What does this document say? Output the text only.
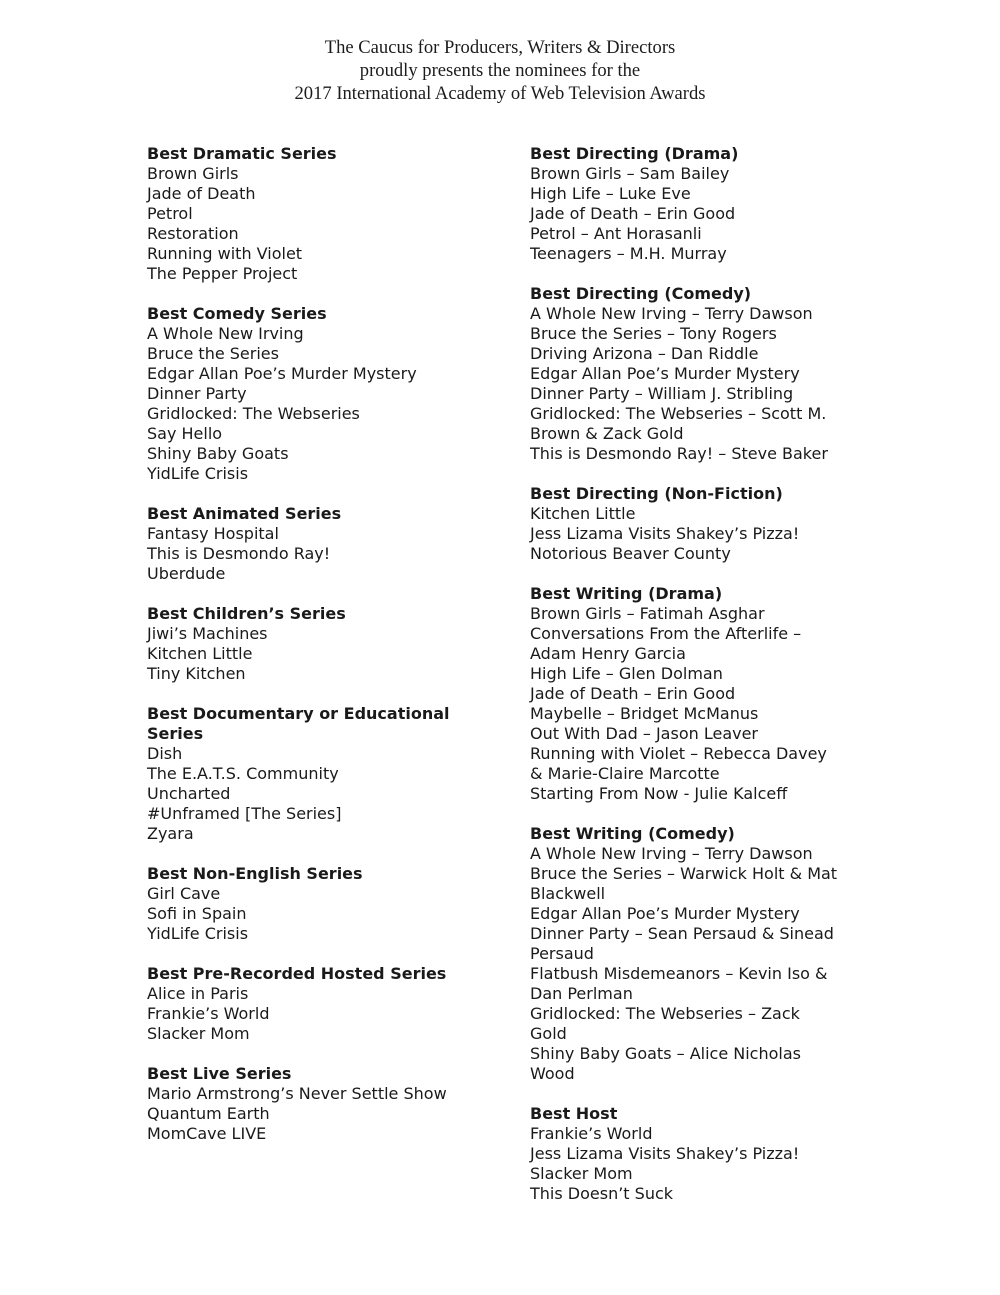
The Caucus for Producers, Writers & Directors
proudly presents the nominees for the
2017 International Academy of Web Television Awards
Best Dramatic Series
Brown Girls
Jade of Death
Petrol
Restoration
Running with Violet
The Pepper Project
Best Comedy Series
A Whole New Irving
Bruce the Series
Edgar Allan Poe’s Murder Mystery
Dinner Party
Gridlocked: The Webseries
Say Hello
Shiny Baby Goats
YidLife Crisis
Best Animated Series
Fantasy Hospital
This is Desmondo Ray!
Uberdude
Best Children’s Series
Jiwi’s Machines
Kitchen Little
Tiny Kitchen
Best Documentary or Educational Series
Dish
The E.A.T.S. Community
Uncharted
#Unframed [The Series]
Zyara
Best Non-English Series
Girl Cave
Sofi in Spain
YidLife Crisis
Best Pre-Recorded Hosted Series
Alice in Paris
Frankie’s World
Slacker Mom
Best Live Series
Mario Armstrong’s Never Settle Show
Quantum Earth
MomCave LIVE
Best Directing (Drama)
Brown Girls – Sam Bailey
High Life – Luke Eve
Jade of Death – Erin Good
Petrol – Ant Horasanli
Teenagers – M.H. Murray
Best Directing (Comedy)
A Whole New Irving – Terry Dawson
Bruce the Series – Tony Rogers
Driving Arizona – Dan Riddle
Edgar Allan Poe’s Murder Mystery
Dinner Party – William J. Stribling
Gridlocked: The Webseries – Scott M. Brown & Zack Gold
This is Desmondo Ray! – Steve Baker
Best Directing (Non-Fiction)
Kitchen Little
Jess Lizama Visits Shakey’s Pizza!
Notorious Beaver County
Best Writing (Drama)
Brown Girls – Fatimah Asghar
Conversations From the Afterlife – Adam Henry Garcia
High Life – Glen Dolman
Jade of Death – Erin Good
Maybelle – Bridget McManus
Out With Dad – Jason Leaver
Running with Violet – Rebecca Davey & Marie-Claire Marcotte
Starting From Now - Julie Kalceff
Best Writing (Comedy)
A Whole New Irving – Terry Dawson
Bruce the Series – Warwick Holt & Mat Blackwell
Edgar Allan Poe’s Murder Mystery
Dinner Party – Sean Persaud & Sinead Persaud
Flatbush Misdemeanors – Kevin Iso & Dan Perlman
Gridlocked: The Webseries – Zack Gold
Shiny Baby Goats – Alice Nicholas Wood
Best Host
Frankie’s World
Jess Lizama Visits Shakey’s Pizza!
Slacker Mom
This Doesn’t Suck
